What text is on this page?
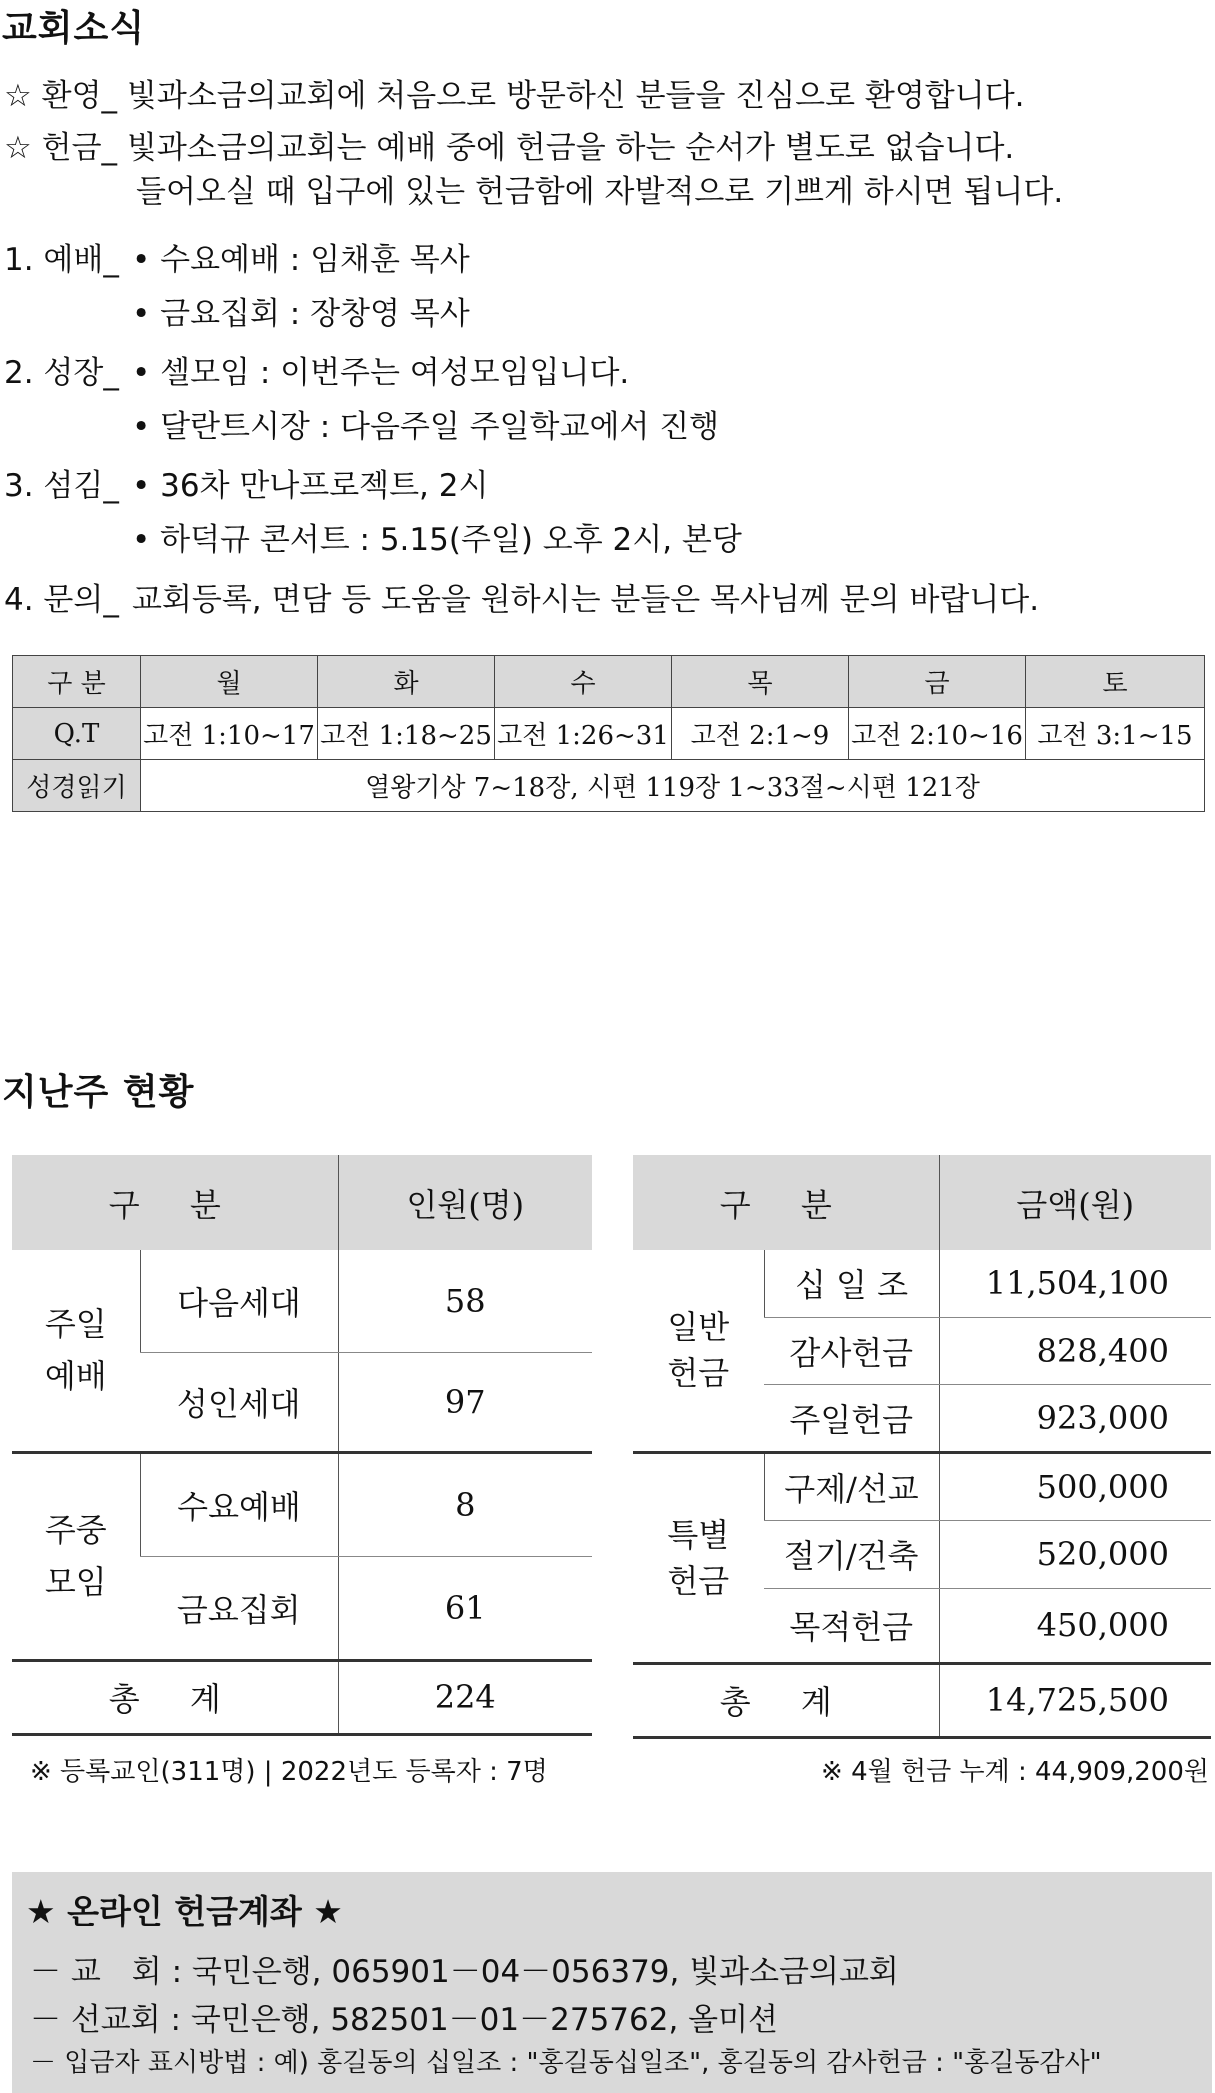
교회소식
☆ 환영_ 빛과소금의교회에 처음으로 방문하신 분들을 진심으로 환영합니다.
☆ 헌금_ 빛과소금의교회는 예배 중에 헌금을 하는 순서가 별도로 없습니다.
들어오실 때 입구에 있는 헌금함에 자발적으로 기쁘게 하시면 됩니다.
1. 예배_ • 수요예배 : 임채훈 목사
• 금요집회 : 장창영 목사
2. 성장_ • 셀모임 : 이번주는 여성모임입니다.
• 달란트시장 : 다음주일 주일학교에서 진행
3. 섬김_ • 36차 만나프로젝트, 2시
• 하덕규 콘서트 : 5.15(주일) 오후 2시, 본당
4. 문의_ 교회등록, 면담 등 도움을 원하시는 분들은 목사님께 문의 바랍니다.
구 분	월	화	수	목	금	토
Q.T	고전 1:10~17	고전 1:18~25	고전 1:26~31	고전 2:1~9	고전 2:10~16	고전 3:1~15
성경읽기	열왕기상 7~18장, 시편 119장 1~33절~시편 121장					
지난주 현황
구 분		인원(명)
주일
예배	다음세대	58
	성인세대	97
주중
모임	수요예배	8
	금요집회	61
총 계		224
구 분		금액(원)
일반
헌금	십 일 조	11,504,100
	감사헌금	828,400
	주일헌금	923,000
특별
헌금	구제/선교	500,000
	절기/건축	520,000
	목적헌금	450,000
총 계		14,725,500
※ 등록교인(311명) | 2022년도 등록자 : 7명	※ 4월 헌금 누계 : 44,909,200원
★ 온라인 헌금계좌 ★
－ 교　회 : 국민은행, 065901－04－056379, 빛과소금의교회
－ 선교회 : 국민은행, 582501－01－275762, 올미션
－ 입금자 표시방법 : 예) 홍길동의 십일조 : "홍길동십일조", 홍길동의 감사헌금 : "홍길동감사"
